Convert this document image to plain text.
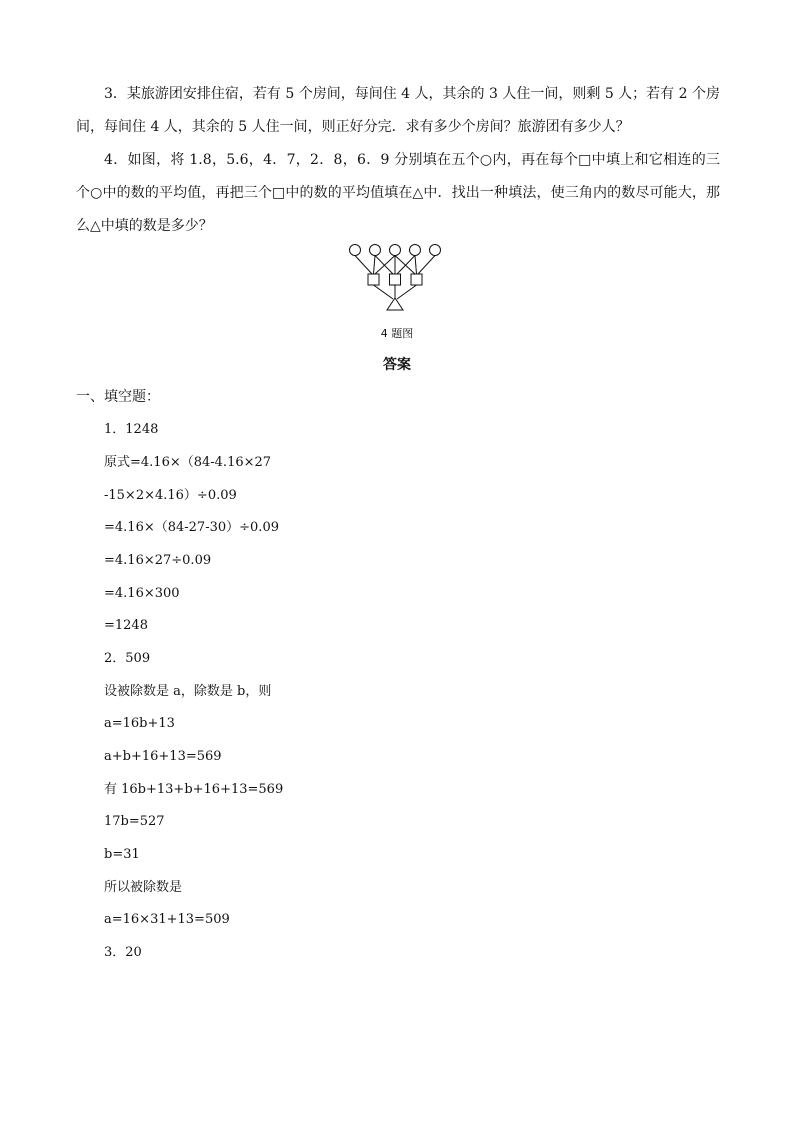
3．某旅游团安排住宿，若有 5 个房间，每间住 4 人，其余的 3 人住一间，则剩 5 人；若有 2 个房间，每间住 4 人，其余的 5 人住一间，则正好分完．求有多少个房间？旅游团有多少人？

4．如图，将 1.8，5.6，4．7，2．8，6．9 分别填在五个○内，再在每个□中填上和它相连的三个○中的数的平均值，再把三个□中的数的平均值填在△中．找出一种填法，使三角内的数尽可能大，那么△中填的数是多少？

4 题图
答案
一、填空题：
1．1248
原式=4.16×（84-4.16×27
-15×2×4.16）÷0.09
=4.16×（84-27-30）÷0.09
=4.16×27÷0.09
=4.16×300
=1248
2．509
设被除数是 a，除数是 b，则
a=16b+13
a+b+16+13=569
有 16b+13+b+16+13=569
17b=527
b=31
所以被除数是
a=16×31+13=509
3．20
